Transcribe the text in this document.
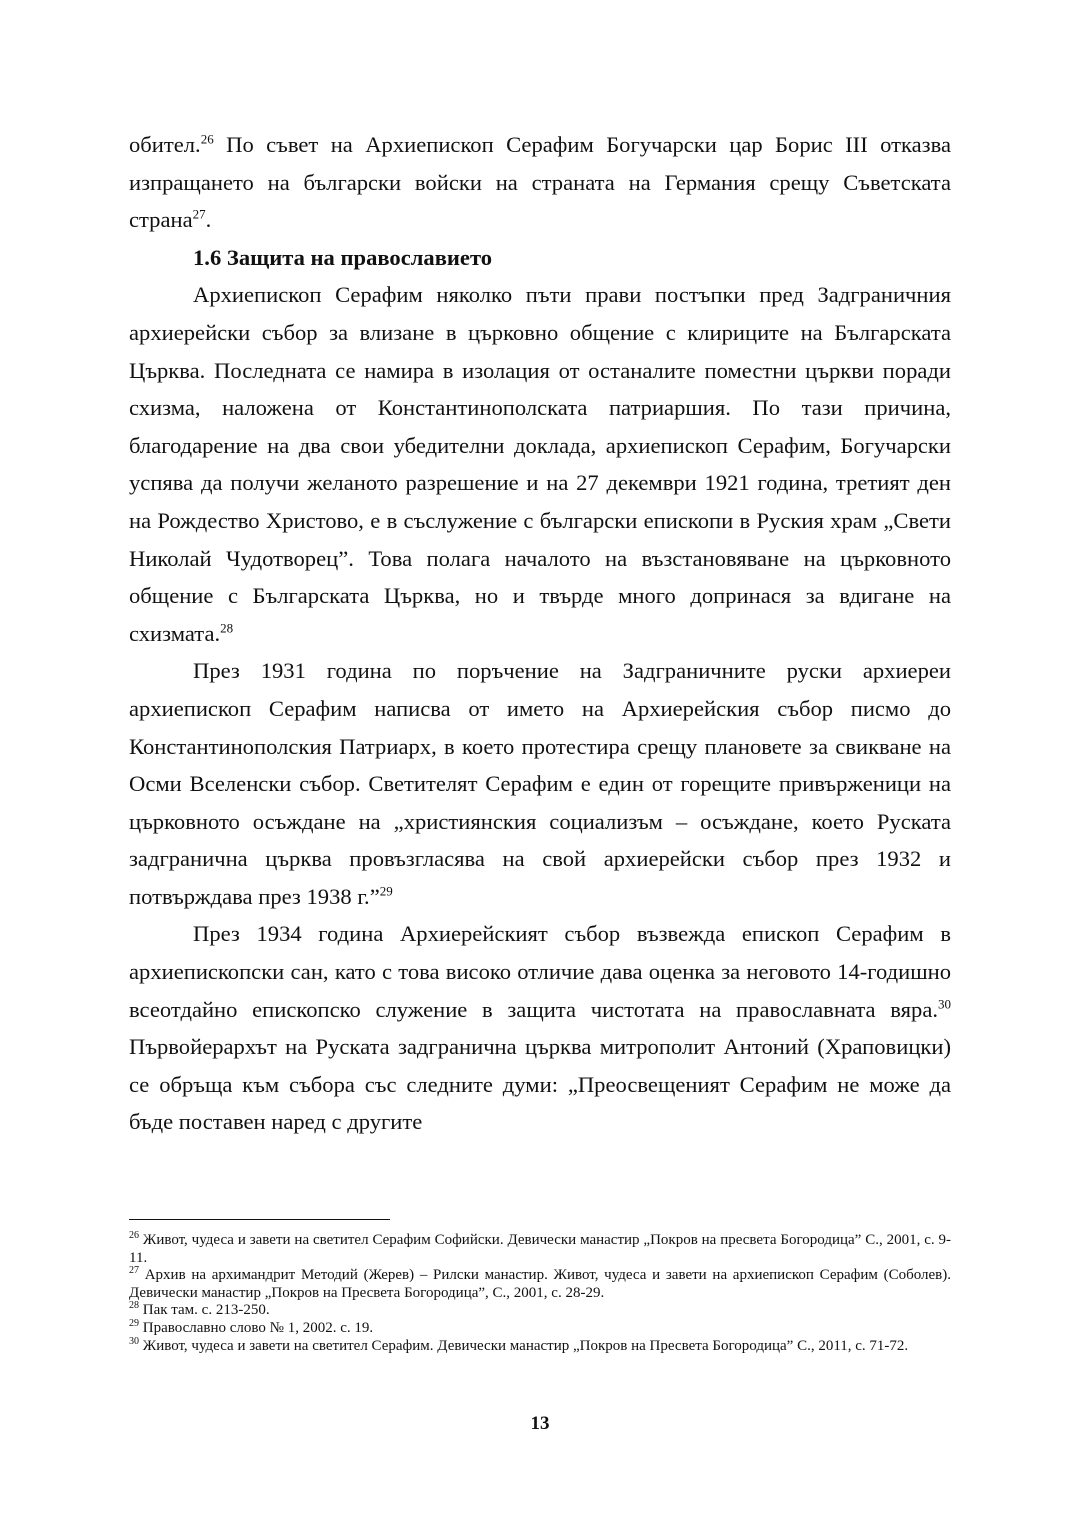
обител.$^{26}$ По съвет на Архиепископ Серафим Богучарски цар Борис III отказва изпращането на български войски на страната на Германия срещу Съветската страна$^{27}$.

1.6 Защита на православието

Архиепископ Серафим няколко пъти прави постъпки пред Задграничния архиерейски събор за влизане в църковно общение с клириците на Българската Църква. Последната се намира в изолация от останалите поместни църкви поради схизма, наложена от Константинополската патриаршия. По тази причина, благодарение на два свои убедителни доклада, архиепископ Серафим, Богучарски успява да получи желаното разрешение и на 27 декември 1921 година, третият ден на Рождество Христово, е в съслужение с български епископи в Руския храм „Свети Николай Чудотворец”. Това полага началото на възстановяване на църковното общение с Българската Църква, но и твърде много допринася за вдигане на схизмата.$^{28}$

През 1931 година по поръчение на Задграничните руски архиереи архиепископ Серафим написва от името на Архиерейския събор писмо до Константинополския Патриарх, в което протестира срещу плановете за свикване на Осми Вселенски събор. Светителят Серафим е един от горещите привърженици на църковното осъждане на „християнския социализъм – осъждане, което Руската задгранична църква провъзгласява на свой архиерейски събор през 1932 и потвърждава през 1938 г.”$^{29}$

През 1934 година Архиерейският събор възвежда епископ Серафим в архиепископски сан, като с това високо отличие дава оценка за неговото 14-годишно всеотдайно епископско служение в защита чистотата на православната вяра.$^{30}$ Първойерархът на Руската задгранична църква митрополит Антоний (Храповицки) се обръща към събора със следните думи: „Преосвещеният Серафим не може да бъде поставен наред с другите

$^{26}$ Живот, чудеса и завети на светител Серафим Софийски. Девически манастир „Покров на пресвета Богородица” С., 2001, с. 9-11.

$^{27}$ Архив на архимандрит Методий (Жерев) – Рилски манастир. Живот, чудеса и завети на архиепископ Серафим (Соболев). Девически манастир „Покров на Пресвета Богородица”, С., 2001, с. 28-29.

$^{28}$ Пак там. с. 213-250.

$^{29}$ Православно слово № 1, 2002. с. 19.

$^{30}$ Живот, чудеса и завети на светител Серафим. Девически манастир „Покров на Пресвета Богородица” С., 2011, с. 71-72.

13
